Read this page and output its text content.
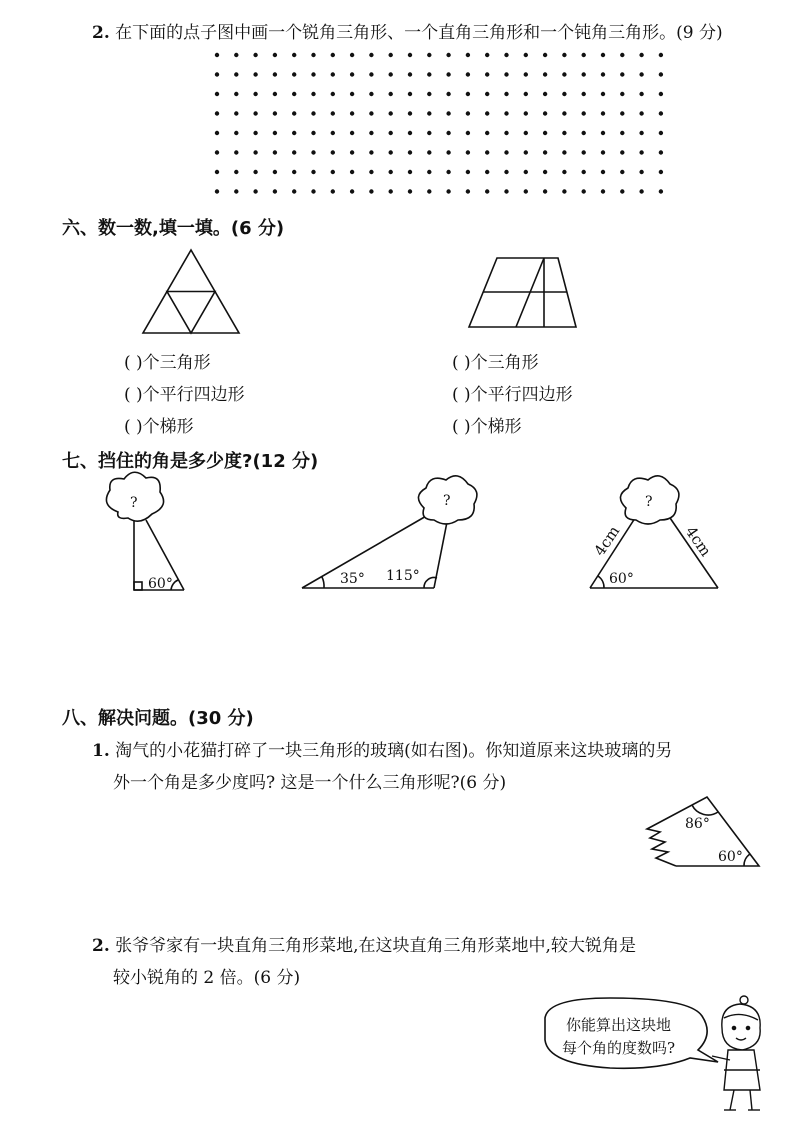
2. 在下面的点子图中画一个锐角三角形、一个直角三角形和一个钝角三角形。(9 分)
六、数一数,填一填。(6 分)
( )个三角形
( )个平行四边形
( )个梯形
( )个三角形
( )个平行四边形
( )个梯形
七、挡住的角是多少度?(12 分)
?
60°
?
35° 115°
?
4cm	4cm
60°
八、解决问题。(30 分)
1. 淘气的小花猫打碎了一块三角形的玻璃(如右图)。你知道原来这块玻璃的另
外一个角是多少度吗? 这是一个什么三角形呢?(6 分)
86°
60°
2. 张爷爷家有一块直角三角形菜地,在这块直角三角形菜地中,较大锐角是
较小锐角的 2 倍。(6 分)
你能算出这块地
每个角的度数吗?
